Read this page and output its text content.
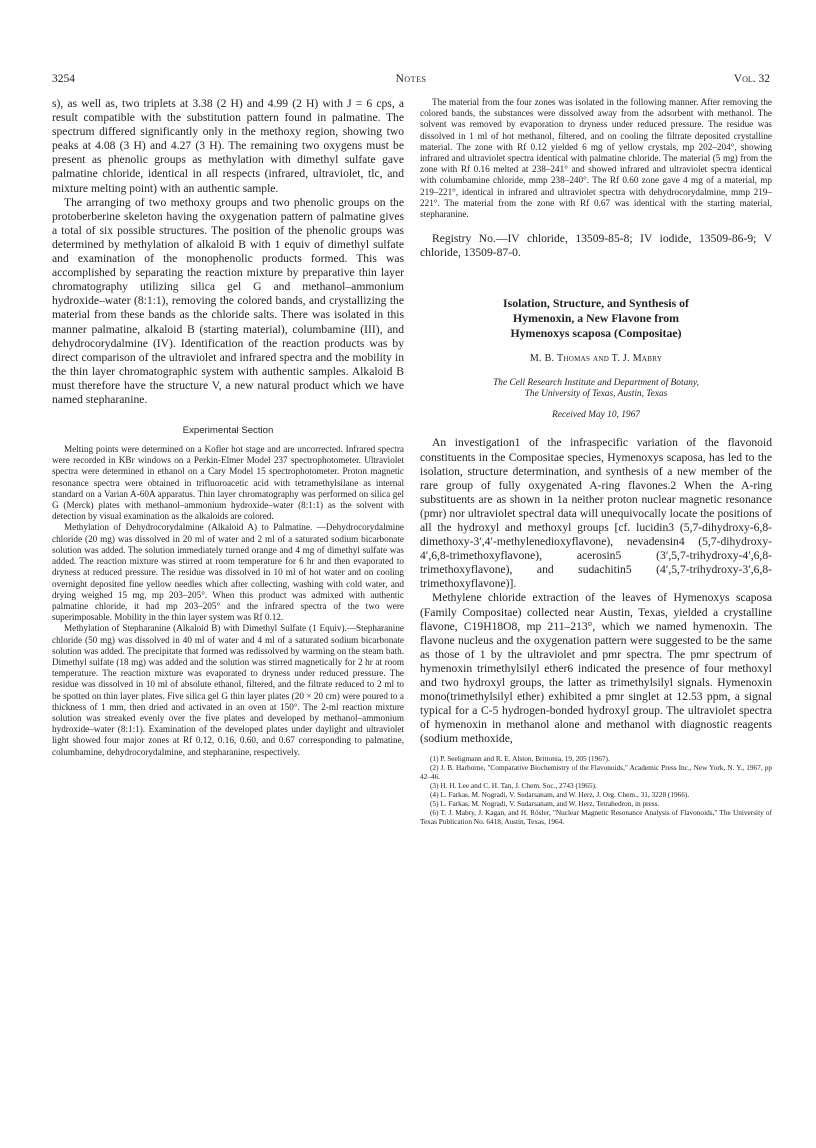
3254	Notes	Vol. 32

s), as well as, two triplets at 3.38 (2 H) and 4.99 (2 H) with J = 6 cps, a result compatible with the substitution pattern found in palmatine. The spectrum differed significantly only in the methoxy region, showing two peaks at 4.08 (3 H) and 4.27 (3 H). The remaining two oxygens must be present as phenolic groups as methylation with dimethyl sulfate gave palmatine chloride, identical in all respects (infrared, ultraviolet, tlc, and mixture melting point) with an authentic sample.

The arranging of two methoxy groups and two phenolic groups on the protoberberine skeleton having the oxygenation pattern of palmatine gives a total of six possible structures. The position of the phenolic groups was determined by methylation of alkaloid B with 1 equiv of dimethyl sulfate and examination of the monophenolic products formed. This was accomplished by separating the reaction mixture by preparative thin layer chromatography utilizing silica gel G and methanol–ammonium hydroxide–water (8:1:1), removing the colored bands, and crystallizing the material from these bands as the chloride salts. There was isolated in this manner palmatine, alkaloid B (starting material), columbamine (III), and dehydrocorydalmine (IV). Identification of the reaction products was by direct comparison of the ultraviolet and infrared spectra and the mobility in the thin layer chromatographic system with authentic samples. Alkaloid B must therefore have the structure V, a new natural product which we have named stepharanine.

Experimental Section

Melting points were determined on a Kofler hot stage and are uncorrected. Infrared spectra were recorded in KBr windows on a Perkin-Elmer Model 237 spectrophotometer. Ultraviolet spectra were determined in ethanol on a Cary Model 15 spectrophotometer. Proton magnetic resonance spectra were obtained in trifluoroacetic acid with tetramethylsilane as internal standard on a Varian A-60A apparatus. Thin layer chromatography was performed on silica gel G (Merck) plates with methanol–ammonium hydroxide–water (8:1:1) as the solvent with detection by visual examination as the alkaloids are colored.

Methylation of Dehydrocorydalmine (Alkaloid A) to Palmatine. —Dehydrocorydalmine chloride (20 mg) was dissolved in 20 ml of water and 2 ml of a saturated sodium bicarbonate solution was added. The solution immediately turned orange and 4 mg of dimethyl sulfate was added. The reaction mixture was stirred at room temperature for 6 hr and then evaporated to dryness at reduced pressure. The residue was dissolved in 10 ml of hot water and on cooling overnight deposited fine yellow needles which after collecting, washing with cold water, and drying weighed 15 mg, mp 203–205°. When this product was admixed with authentic palmatine chloride, it had mp 203–205° and the infrared spectra of the two were superimposable. Mobility in the thin layer system was Rf 0.12.

Methylation of Stepharanine (Alkaloid B) with Dimethyl Sulfate (1 Equiv).—Stepharanine chloride (50 mg) was dissolved in 40 ml of water and 4 ml of a saturated sodium bicarbonate solution was added. The precipitate that formed was redissolved by warming on the steam bath. Dimethyl sulfate (18 mg) was added and the solution was stirred magnetically for 2 hr at room temperature. The reaction mixture was evaporated to dryness under reduced pressure. The residue was dissolved in 10 ml of absolute ethanol, filtered, and the filtrate reduced to 2 ml to be spotted on thin layer plates. Five silica gel G thin layer plates (20 × 20 cm) were poured to a thickness of 1 mm, then dried and activated in an oven at 150°. The 2-ml reaction mixture solution was streaked evenly over the five plates and developed by methanol–ammonium hydroxide–water (8:1:1). Examination of the developed plates under daylight and ultraviolet light showed four major zones at Rf 0.12, 0.16, 0.60, and 0.67 corresponding to palmatine, columbamine, dehydrocorydalmine, and stepharanine, respectively.

The material from the four zones was isolated in the following manner. After removing the colored bands, the substances were dissolved away from the adsorbent with methanol. The solvent was removed by evaporation to dryness under reduced pressure. The residue was dissolved in 1 ml of hot methanol, filtered, and on cooling the filtrate deposited crystalline material. The zone with Rf 0.12 yielded 6 mg of yellow crystals, mp 202–204°, showing infrared and ultraviolet spectra identical with palmatine chloride. The material (5 mg) from the zone with Rf 0.16 melted at 238–241° and showed infrared and ultraviolet spectra identical with columbamine chloride, mmp 238–240°. The Rf 0.60 zone gave 4 mg of a material, mp 219–221°, identical in infrared and ultraviolet spectra with dehydrocorydalmine, mmp 219–221°. The material from the zone with Rf 0.67 was identical with the starting material, stepharanine.

Registry No.—IV chloride, 13509-85-8; IV iodide, 13509-86-9; V chloride, 13509-87-0.

Isolation, Structure, and Synthesis of
Hymenoxin, a New Flavone from
Hymenoxys scaposa (Compositae)
M. B. Thomas and T. J. Mabry
The Cell Research Institute and Department of Botany,
The University of Texas, Austin, Texas
Received May 10, 1967

An investigation1 of the infraspecific variation of the flavonoid constituents in the Compositae species, Hymenoxys scaposa, has led to the isolation, structure determination, and synthesis of a new member of the rare group of fully oxygenated A-ring flavones.2 When the A-ring substituents are as shown in 1a neither proton nuclear magnetic resonance (pmr) nor ultraviolet spectral data will unequivocally locate the positions of all the hydroxyl and methoxyl groups [cf. lucidin3 (5,7-dihydroxy-6,8-dimethoxy-3′,4′-methylenedioxyflavone), nevadensin4 (5,7-dihydroxy-4′,6,8-trimethoxyflavone), acerosin5 (3′,5,7-trihydroxy-4′,6,8-trimethoxyflavone), and sudachitin5 (4′,5,7-trihydroxy-3′,6,8-trimethoxyflavone)].

Methylene chloride extraction of the leaves of Hymenoxys scaposa (Family Compositae) collected near Austin, Texas, yielded a crystalline flavone, C19H18O8, mp 211–213°, which we named hymenoxin. The flavone nucleus and the oxygenation pattern were suggested to be the same as those of 1 by the ultraviolet and pmr spectra. The pmr spectrum of hymenoxin trimethylsilyl ether6 indicated the presence of four methoxyl and two hydroxyl groups, the latter as trimethylsilyl signals. Hymenoxin mono(trimethylsilyl ether) exhibited a pmr singlet at 12.53 ppm, a signal typical for a C-5 hydrogen-bonded hydroxyl group. The ultraviolet spectra of hymenoxin in methanol alone and methanol with diagnostic reagents (sodium methoxide,

(1) P. Seeligmann and R. E. Alston, Brittonia, 19, 205 (1967).

(2) J. B. Harborne, "Comparative Biochemistry of the Flavonoids," Academic Press Inc., New York, N. Y., 1967, pp 42–46.

(3) H. H. Lee and C. H. Tan, J. Chem. Soc., 2743 (1965).

(4) L. Farkas, M. Nogradi, V. Sudarsanam, and W. Herz, J. Org. Chem., 31, 3228 (1966).

(5) L. Farkas, M. Nogradi, V. Sudarsanam, and W. Herz, Tetrahedron, in press.

(6) T. J. Mabry, J. Kagan, and H. Rösler, "Nuclear Magnetic Resonance Analysis of Flavonoids," The University of Texas Publication No. 6418, Austin, Texas, 1964.
